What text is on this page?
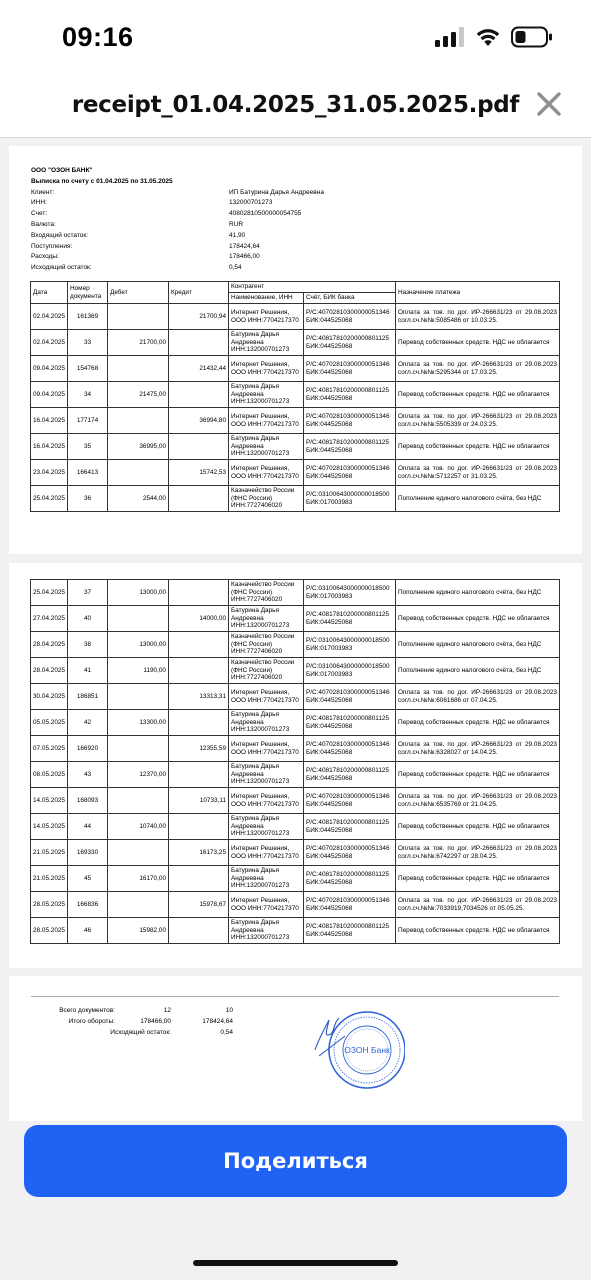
09:16
receipt_01.04.2025_31.05.2025.pdf
ООО "ОЗОН БАНК"
Выписка по счету с 01.04.2025 по 31.05.2025
Клиент:	ИП Батурина Дарья Андреевна
ИНН:	132000701273
Счет:	40802810500000054755
Валюта:	RUR
Входящий остаток:	41,90
Поступления:	178424,64
Расходы:	178466,00
Исходящий остаток:	0,54
Дата	Номер документа	Дебет	Кредит	Контрагент		Назначение платежа
				Наименование, ИНН	Счёт, БИК банка	
02.04.2025	161369		21700,94	Интернет Решения, ООО ИНН:7704217370	Р/С:40702810300000051346 БИК:044525068	Оплата за тов. по дог. ИР-266631/23 от 29.08.2023 согл.сч.№№:5085486 от 10.03.25.
02.04.2025	33	21700,00		Батурина Дарья Андреевна ИНН:132000701273	Р/С:40817810200000801125 БИК:044525068	Перевод собственных средств. НДС не облагается
09.04.2025	154768		21432,44	Интернет Решения, ООО ИНН:7704217370	Р/С:40702810300000051346 БИК:044525068	Оплата за тов. по дог. ИР-266631/23 от 29.08.2023 согл.сч.№№:5295344 от 17.03.25.
09.04.2025	34	21475,00		Батурина Дарья Андреевна ИНН:132000701273	Р/С:40817810200000801125 БИК:044525068	Перевод собственных средств. НДС не облагается
16.04.2025	177174		36994,80	Интернет Решения, ООО ИНН:7704217370	Р/С:40702810300000051346 БИК:044525068	Оплата за тов. по дог. ИР-266631/23 от 29.08.2023 согл.сч.№№:5505339 от 24.03.25.
16.04.2025	35	36995,00		Батурина Дарья Андреевна ИНН:132000701273	Р/С:40817810200000801125 БИК:044525068	Перевод собственных средств. НДС не облагается
23.04.2025	166413		15742,53	Интернет Решения, ООО ИНН:7704217370	Р/С:40702810300000051346 БИК:044525068	Оплата за тов. по дог. ИР-266631/23 от 29.08.2023 согл.сч.№№:5712257 от 31.03.25.
25.04.2025	36	2544,00		Казначейство России (ФНС России) ИНН:7727406020	Р/С:03100643000000018500 БИК:017003983	Пополнение единого налогового счёта, без НДС
25.04.2025	37	13000,00		Казначейство России (ФНС России) ИНН:7727406020	Р/С:03100643000000018500 БИК:017003983	Пополнение единого налогового счёта, без НДС
27.04.2025	40		14000,00	Батурина Дарья Андреевна ИНН:132000701273	Р/С:40817810200000801125 БИК:044525068	Перевод собственных средств. НДС не облагается
28.04.2025	38	13000,00		Казначейство России (ФНС России) ИНН:7727406020	Р/С:03100643000000018500 БИК:017003983	Пополнение единого налогового счёта, без НДС
28.04.2025	41	1190,00		Казначейство России (ФНС России) ИНН:7727406020	Р/С:03100643000000018500 БИК:017003983	Пополнение единого налогового счёта, без НДС
30.04.2025	186851		13313,31	Интернет Решения, ООО ИНН:7704217370	Р/С:40702810300000051346 БИК:044525068	Оплата за тов. по дог. ИР-266631/23 от 29.08.2023 согл.сч.№№:6061686 от 07.04.25.
05.05.2025	42	13300,00		Батурина Дарья Андреевна ИНН:132000701273	Р/С:40817810200000801125 БИК:044525068	Перевод собственных средств. НДС не облагается
07.05.2025	166920		12355,59	Интернет Решения, ООО ИНН:7704217370	Р/С:40702810300000051346 БИК:044525068	Оплата за тов. по дог. ИР-266631/23 от 29.08.2023 согл.сч.№№:6328027 от 14.04.25.
08.05.2025	43	12370,00		Батурина Дарья Андреевна ИНН:132000701273	Р/С:40817810200000801125 БИК:044525068	Перевод собственных средств. НДС не облагается
14.05.2025	168093		10733,11	Интернет Решения, ООО ИНН:7704217370	Р/С:40702810300000051346 БИК:044525068	Оплата за тов. по дог. ИР-266631/23 от 29.08.2023 согл.сч.№№:6535769 от 21.04.25.
14.05.2025	44	10740,00		Батурина Дарья Андреевна ИНН:132000701273	Р/С:40817810200000801125 БИК:044525068	Перевод собственных средств. НДС не облагается
21.05.2025	169330		16173,25	Интернет Решения, ООО ИНН:7704217370	Р/С:40702810300000051346 БИК:044525068	Оплата за тов. по дог. ИР-266631/23 от 29.08.2023 согл.сч.№№:6742297 от 28.04.25.
21.05.2025	45	16170,00		Батурина Дарья Андреевна ИНН:132000701273	Р/С:40817810200000801125 БИК:044525068	Перевод собственных средств. НДС не облагается
28.05.2025	166836		15978,67	Интернет Решения, ООО ИНН:7704217370	Р/С:40702810300000051346 БИК:044525068	Оплата за тов. по дог. ИР-266631/23 от 29.08.2023 согл.сч.№№:7033919,7034526 от 05.05.25.
28.05.2025	46	15982,00		Батурина Дарья Андреевна ИНН:132000701273	Р/С:40817810200000801125 БИК:044525068	Перевод собственных средств. НДС не облагается
Всего документов:	12	10
Итого обороты:	178466,00	178424,64
Исходящий остаток:		0,54
ОЗОН Банк
Поделиться
